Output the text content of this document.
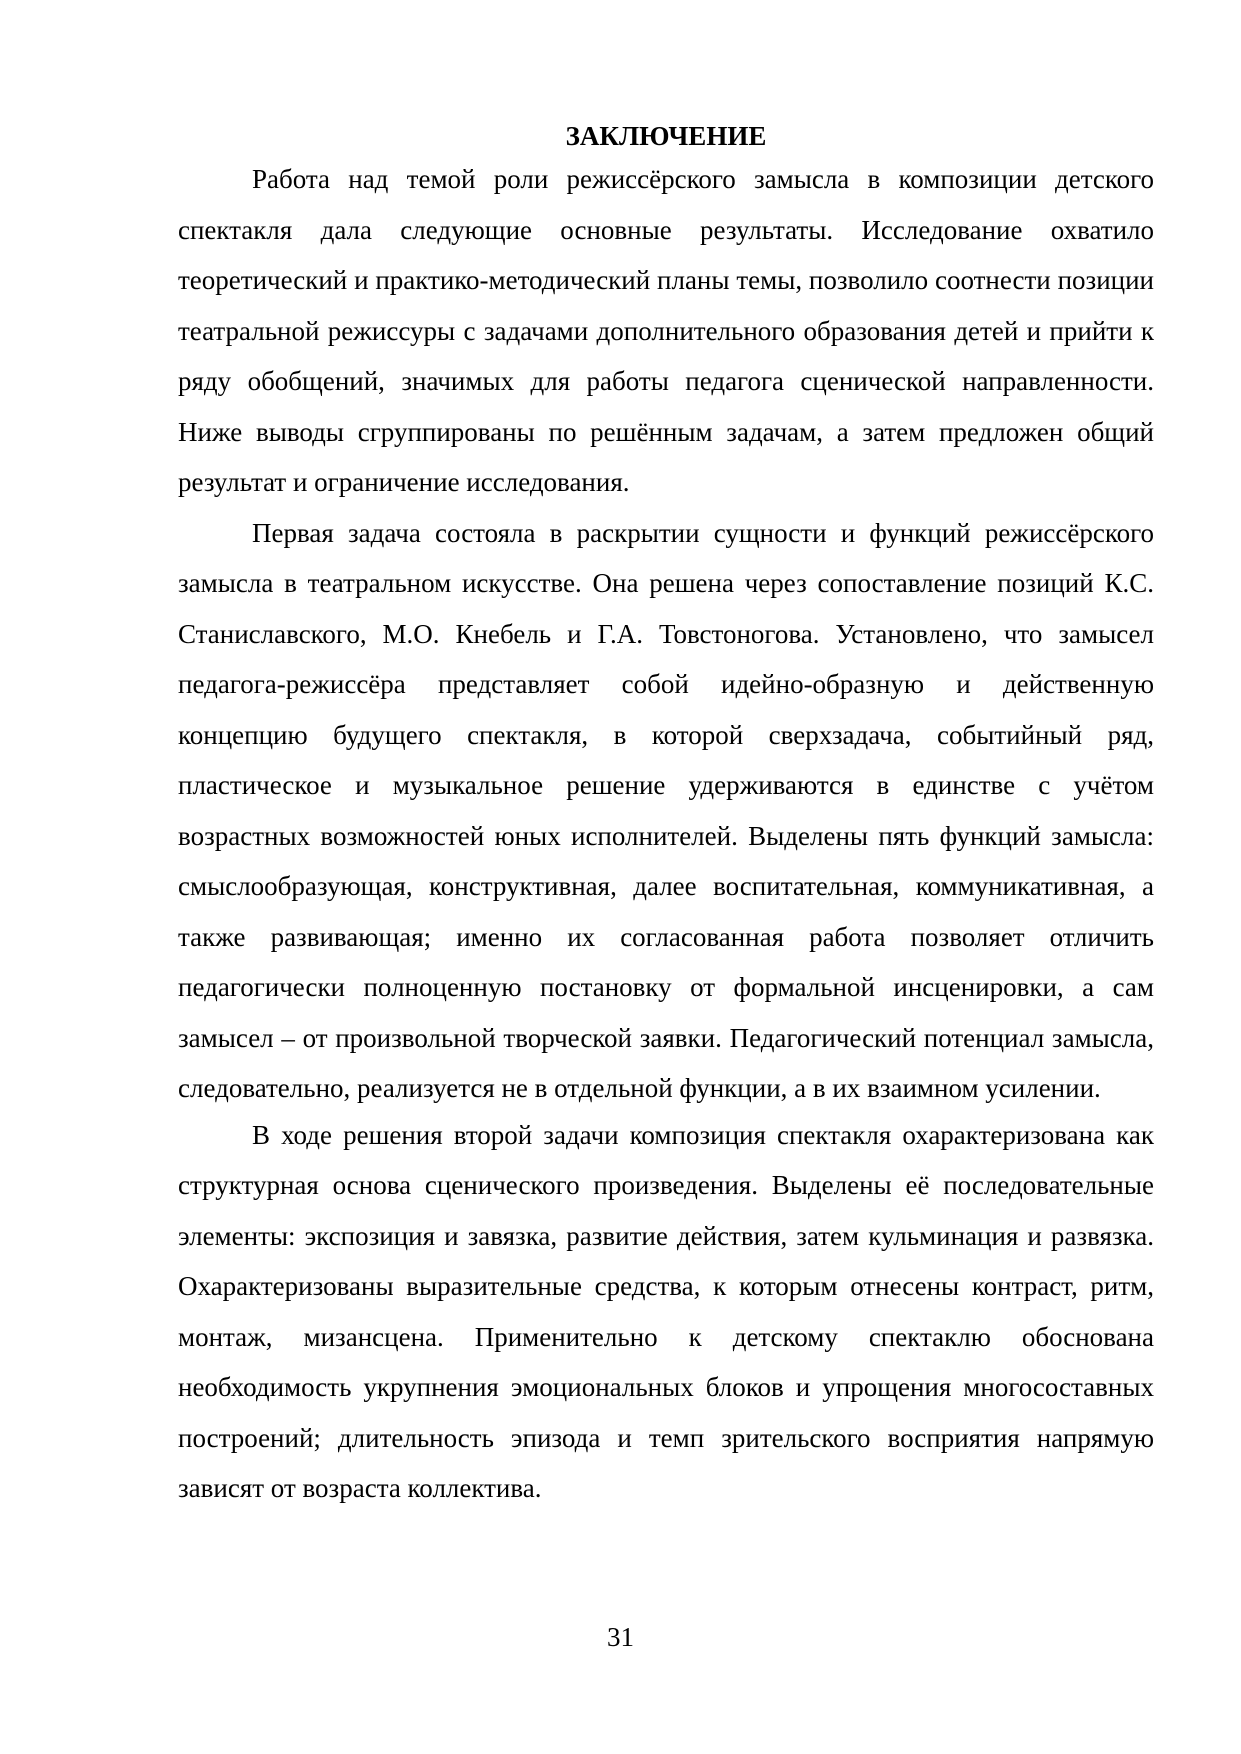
ЗАКЛЮЧЕНИЕ

Работа над темой роли режиссёрского замысла в композиции детского спектакля дала следующие основные результаты. Исследование охватило теоретический и практико-методический планы темы, позволило соотнести позиции театральной режиссуры с задачами дополнительного образования детей и прийти к ряду обобщений, значимых для работы педагога сценической направленности. Ниже выводы сгруппированы по решённым задачам, а затем предложен общий результат и ограничение исследования.

Первая задача состояла в раскрытии сущности и функций режиссёрского замысла в театральном искусстве. Она решена через сопоставление позиций К.С. Станиславского, М.О. Кнебель и Г.А. Товстоногова. Установлено, что замысел педагога-режиссёра представляет собой идейно-образную и действенную концепцию будущего спектакля, в которой сверхзадача, событийный ряд, пластическое и музыкальное решение удерживаются в единстве с учётом возрастных возможностей юных исполнителей. Выделены пять функций замысла: смыслообразующая, конструктивная, далее воспитательная, коммуникативная, а также развивающая; именно их согласованная работа позволяет отличить педагогически полноценную постановку от формальной инсценировки, а сам замысел – от произвольной творческой заявки. Педагогический потенциал замысла, следовательно, реализуется не в отдельной функции, а в их взаимном усилении.

В ходе решения второй задачи композиция спектакля охарактеризована как структурная основа сценического произведения. Выделены её последовательные элементы: экспозиция и завязка, развитие действия, затем кульминация и развязка. Охарактеризованы выразительные средства, к которым отнесены контраст, ритм, монтаж, мизансцена. Применительно к детскому спектаклю обоснована необходимость укрупнения эмоциональных блоков и упрощения многосоставных построений; длительность эпизода и темп зрительского восприятия напрямую зависят от возраста коллектива.

31
